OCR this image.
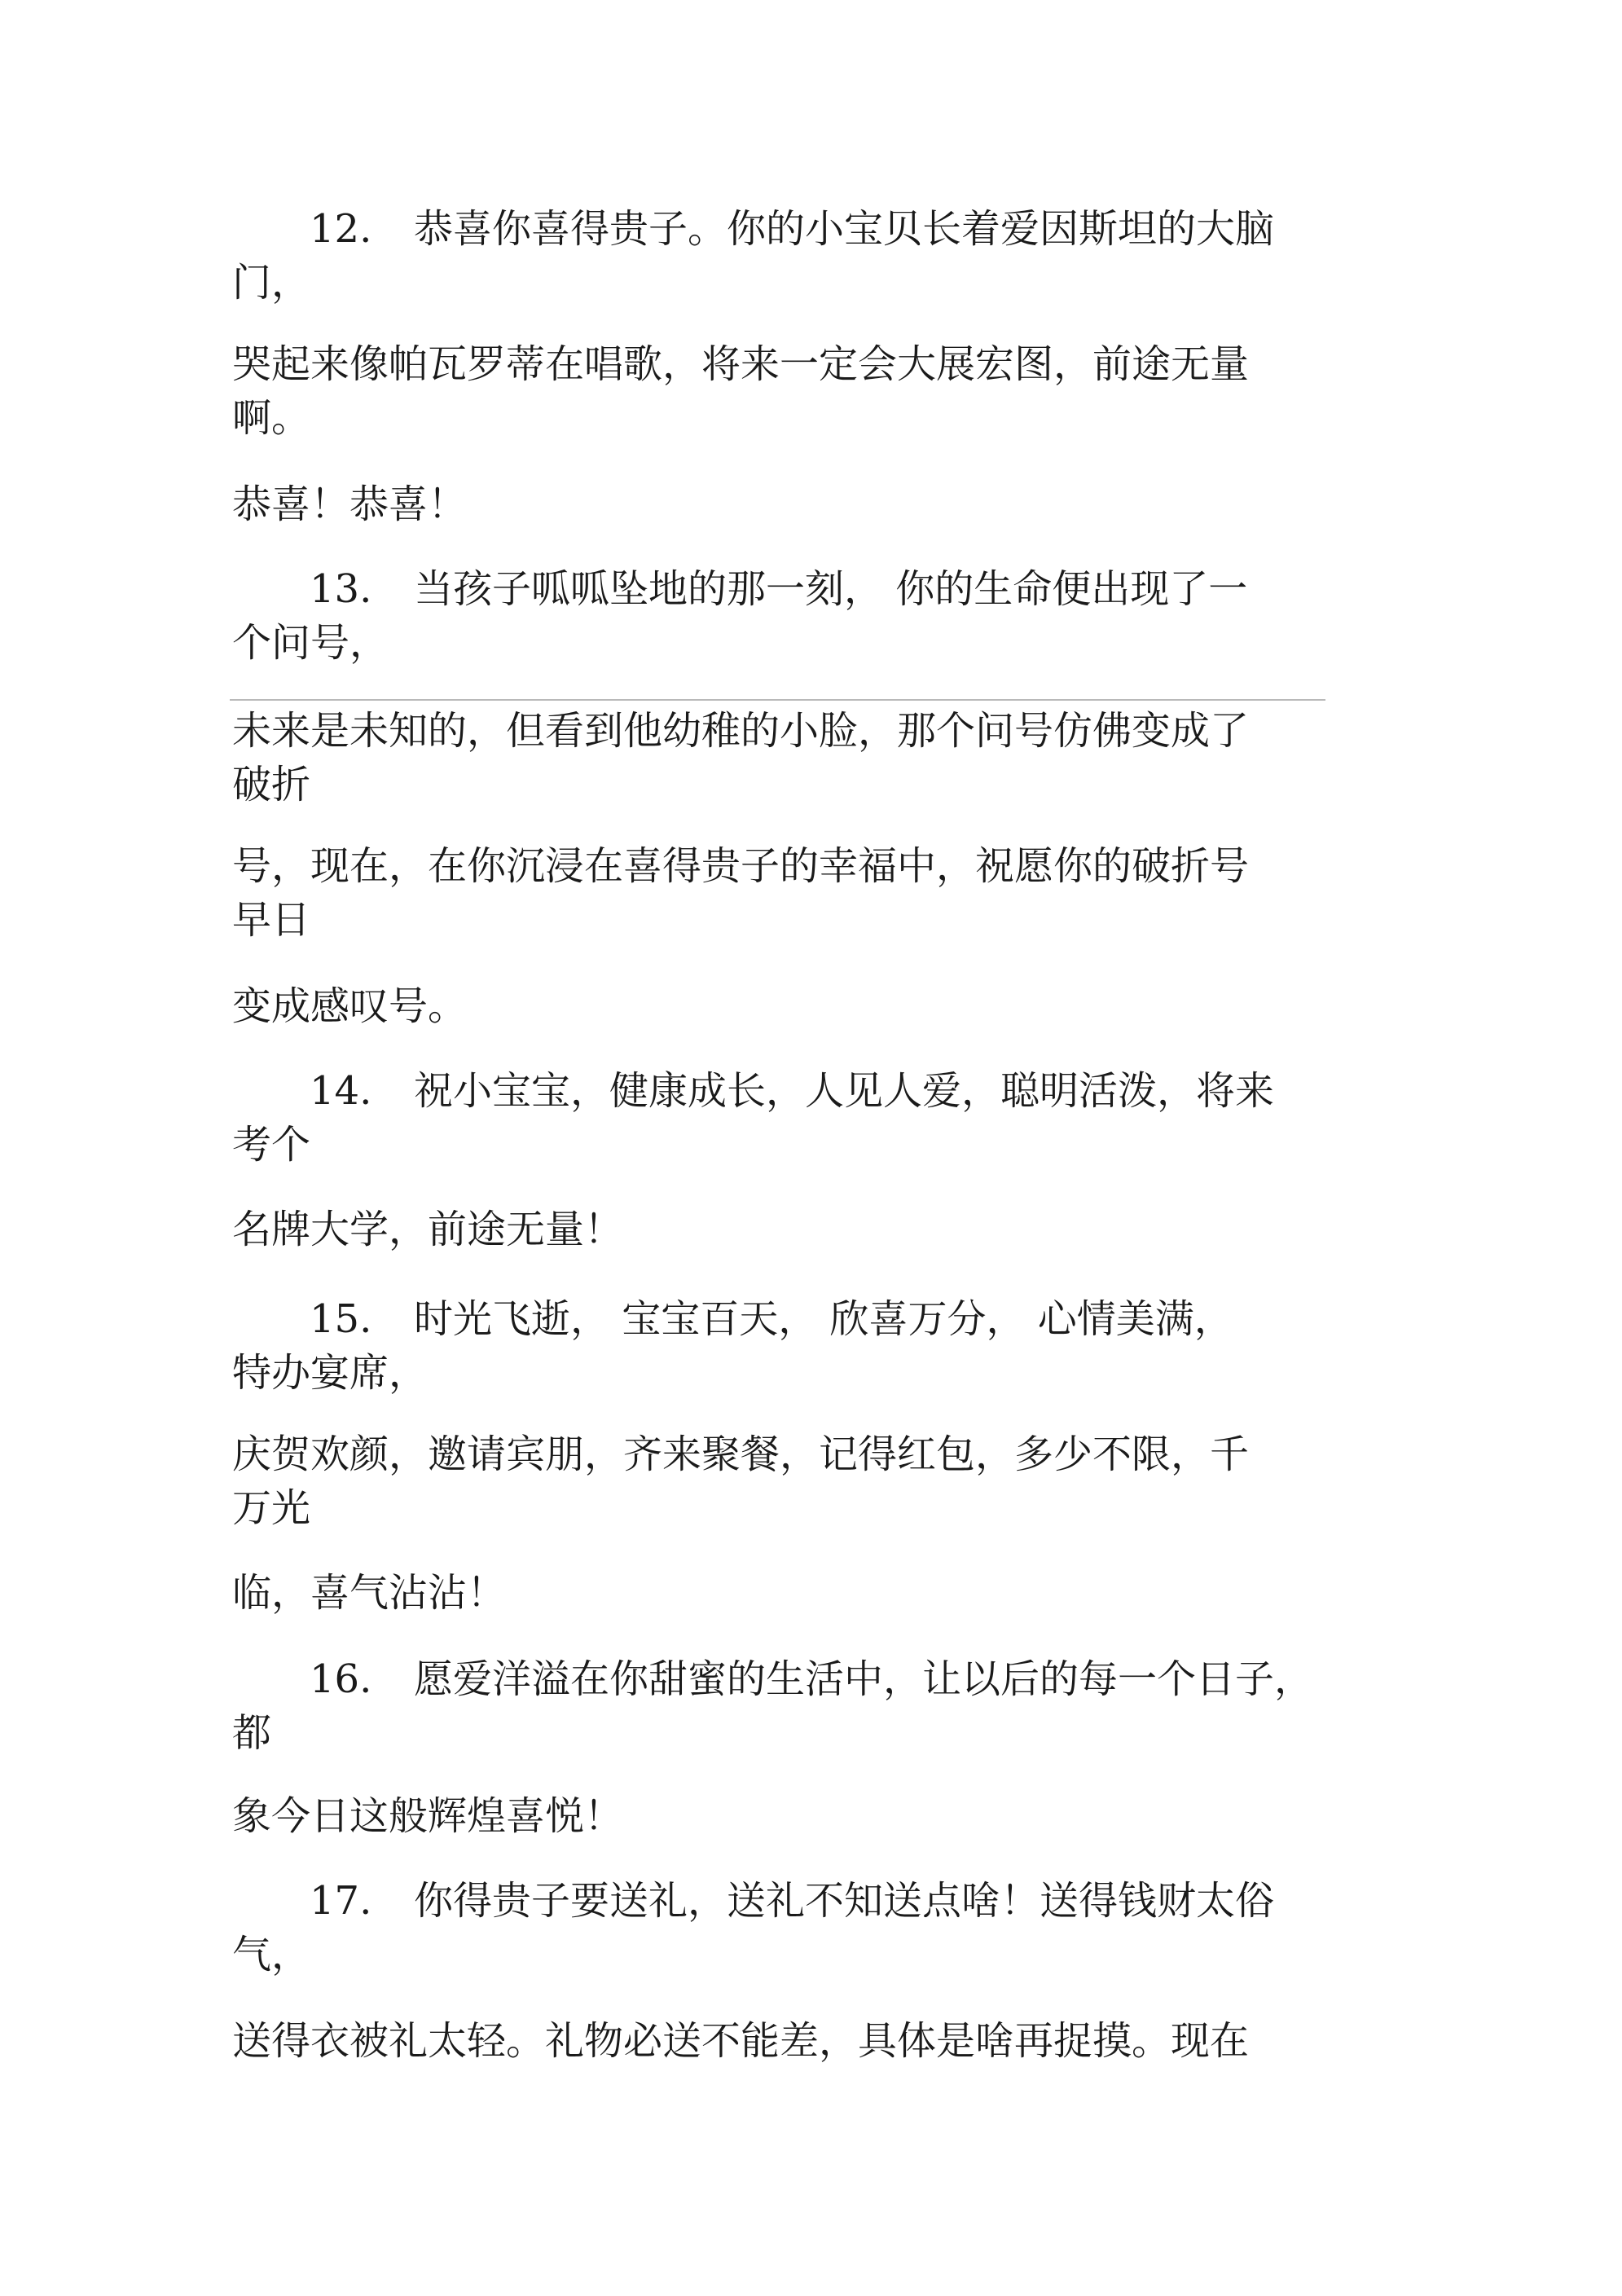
12. 恭喜你喜得贵子。你的小宝贝长着爱因斯坦的大脑
门，
哭起来像帕瓦罗蒂在唱歌，将来一定会大展宏图，前途无量
啊。
恭喜！恭喜！
13. 当孩子呱呱坠地的那一刻， 你的生命便出现了一
个问号，
未来是未知的，但看到他幼稚的小脸，那个问号仿佛变成了
破折
号，现在，在你沉浸在喜得贵子的幸福中，祝愿你的破折号
早日
变成感叹号。
14. 祝小宝宝，健康成长，人见人爱，聪明活泼，将来
考个
名牌大学，前途无量！
15. 时光飞逝， 宝宝百天， 欣喜万分， 心情美满，
特办宴席，
庆贺欢颜，邀请宾朋，齐来聚餐，记得红包，多少不限，千
万光
临，喜气沾沾！
16. 愿爱洋溢在你甜蜜的生活中，让以后的每一个日子，
都
象今日这般辉煌喜悦！
17. 你得贵子要送礼，送礼不知送点啥！送得钱财太俗
气，
送得衣被礼太轻。礼物必送不能差，具体是啥再捉摸。现在
